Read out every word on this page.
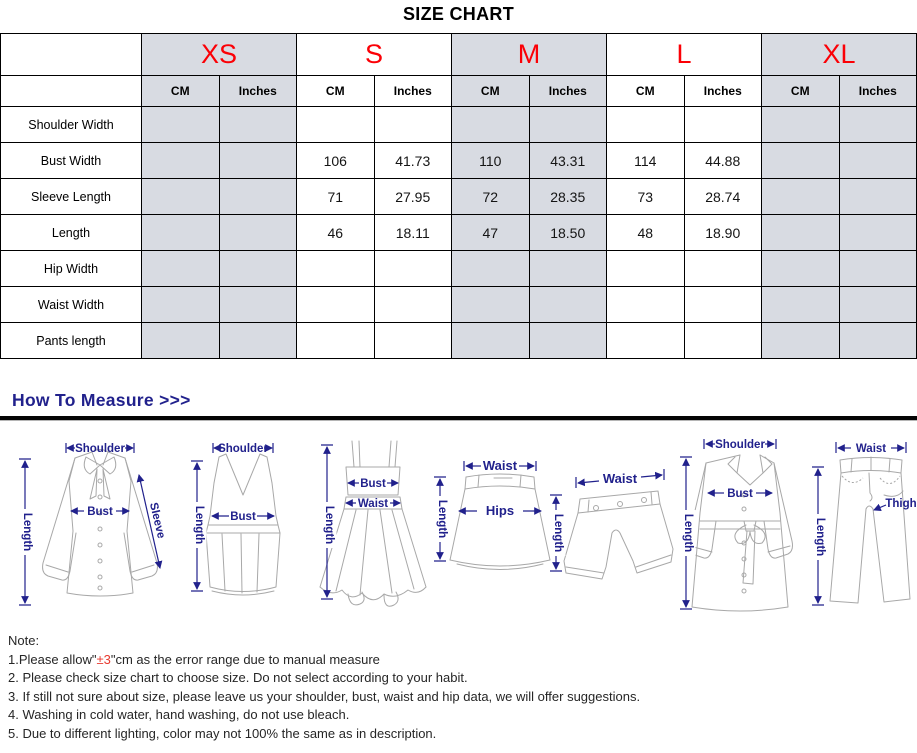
SIZE CHART
	XS		S		M		L		XL	
	CM	Inches	CM	Inches	CM	Inches	CM	Inches	CM	Inches
Shoulder Width										
Bust Width			106	41.73	110	43.31	114	44.88		
Sleeve Length			71	27.95	72	28.35	73	28.74		
Length			46	18.11	47	18.50	48	18.90		
Hip Width										
Waist Width										
Pants length										
How To Measure >>>
Shoulder
Length
Bust	Sleeve
Shoulder
Length Bust	Length
Bust
Waist
Waist
Length	Hips
Waist
Length
Shoulder
Length
Bust
Waist
Length
Thigh
Note:
1.Please allow"±3"cm as the error range due to manual measure
2. Please check size chart to choose size. Do not select according to your habit.
3. If still not sure about size, please leave us your shoulder, bust, waist and hip data, we will offer suggestions.
4. Washing in cold water, hand washing, do not use bleach.
5. Due to different lighting, color may not 100% the same as in description.
